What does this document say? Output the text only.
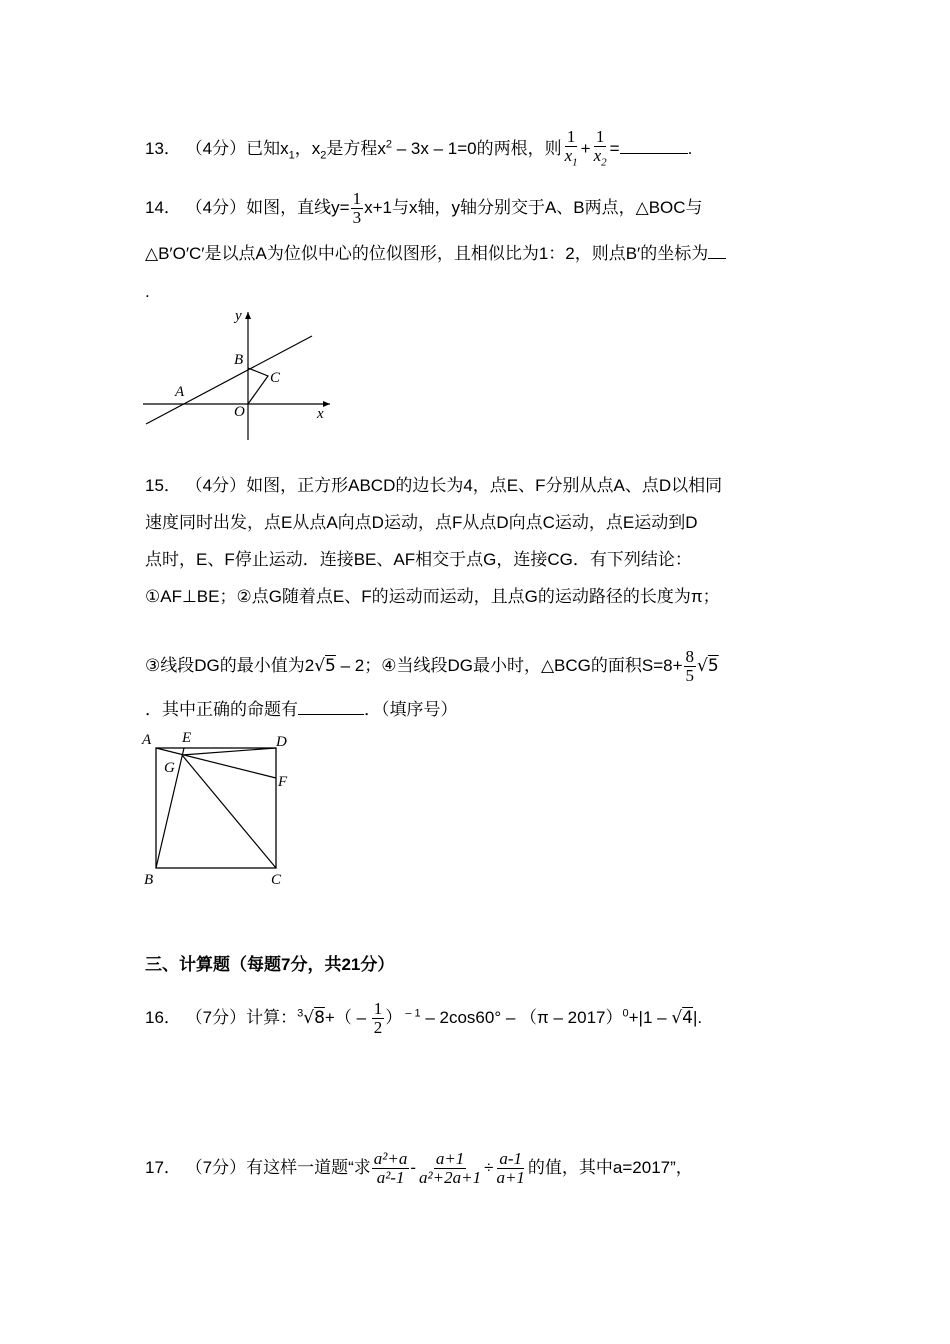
13． （4分）已知$x_1$，$x_2$是方程$x^2 - 3x - 1=0$的两根，则 $\frac{1}{x_1} + \frac{1}{x_2}$ =	.
14． （4分）如图，直线$y= \frac{1}{3} x+1$与x轴，y轴分别交于A、B两点，△BOC与
△B′O′C′是以点A为位似中心的位似图形，且相似比为1：2，则点B′的坐标为
.
y
x
A
B
C
O
15． （4分）如图，正方形ABCD的边长为4，点E、F分别从点A、点D以相同
速度同时出发，点E从点A向点D运动，点F从点D向点C运动，点E运动到D
点时，E、F停止运动．连接BE、AF相交于点G，连接CG．有下列结论：
①AF⊥BE；②点G随着点E、F的运动而运动，且点G的运动路径的长度为π；
③线段DG的最小值为2√5 – 2；④当线段DG最小时，△BCG的面积$S=8+ \frac{8}{5} √5$
．其中正确的命题有	．（填序号）
A E	D
G
F
B	C
三、计算题（每题7分，共21分）
16． （7分）计算：$^3√8+( - \frac{1}{2}$ ） $^{- 1}$ – 2cos60° – （π – 2017）$^0$+|1 – √4|.
17． （7分）有这样一道题“求 $\frac{\text{a²+a}}{\text{a²-1}} - \frac{a+1}{\text{a²+2a+1}} \div \frac{a-1}{a+1}$ 的值，其中a=2017”，
